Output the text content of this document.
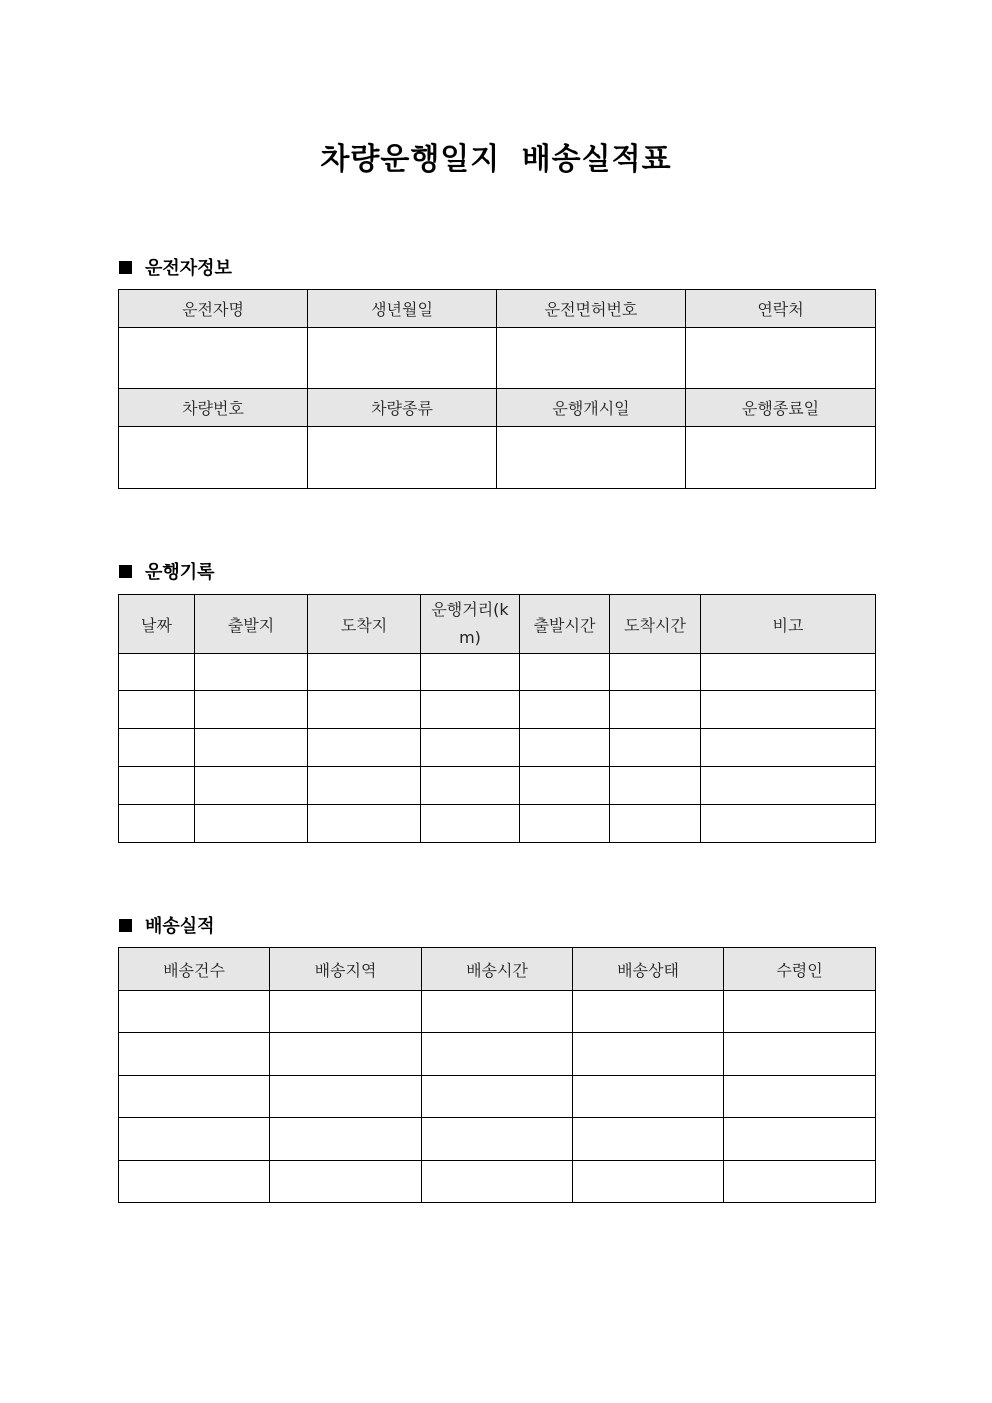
차량운행일지 배송실적표
운전자정보
운전자명	생년월일	운전면허번호	연락처

차량번호	차량종류	운행개시일	운행종료일

운행기록
날짜	출발지	도착지	운행거리(km)	출발시간	도착시간	비고

배송실적
배송건수	배송지역	배송시간	배송상태	수령인
